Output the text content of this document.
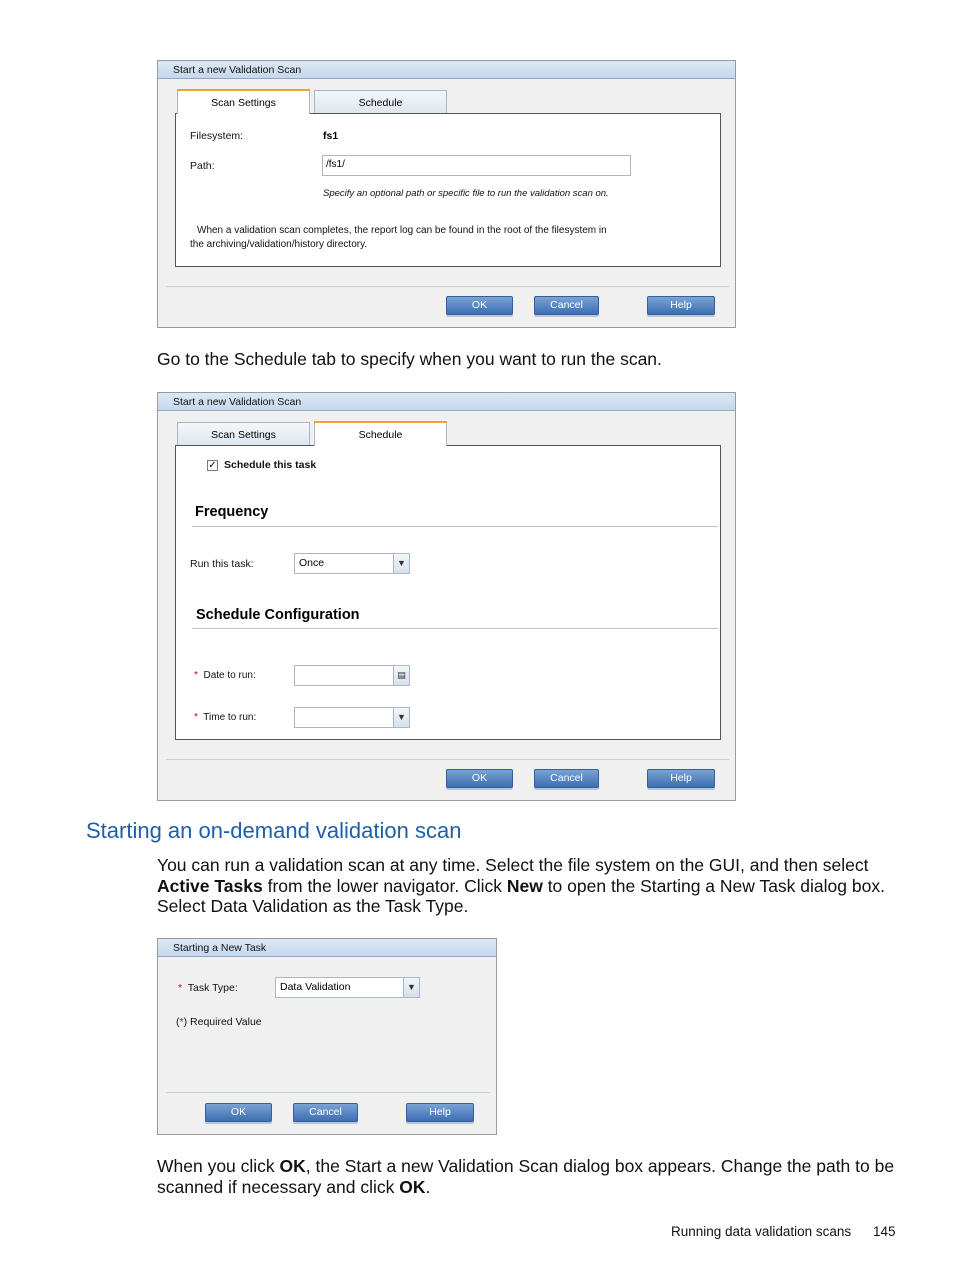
Start a new Validation Scan
Scan Settings	Schedule
Filesystem:	fs1
Path:	/fs1/
Specify an optional path or specific file to run the validation scan on.
When a validation scan completes, the report log can be found in the root of the filesystem in
the archiving/validation/history directory.
OK	Cancel	Help
Go to the Schedule tab to specify when you want to run the scan.
Start a new Validation Scan
Scan Settings	Schedule
✓ Schedule this task
Frequency
Run this task:	Once	▼
Schedule Configuration
* Date to run:	▤
* Time to run:	▼
OK	Cancel	Help
Starting an on-demand validation scan
You can run a validation scan at any time. Select the file system on the GUI, and then select Active Tasks from the lower navigator. Click New to open the Starting a New Task dialog box. Select Data Validation as the Task Type.
Starting a New Task
* Task Type:	Data Validation	▼
(*) Required Value
OK	Cancel	Help
When you click OK, the Start a new Validation Scan dialog box appears. Change the path to be scanned if necessary and click OK.
Running data validation scans 145
